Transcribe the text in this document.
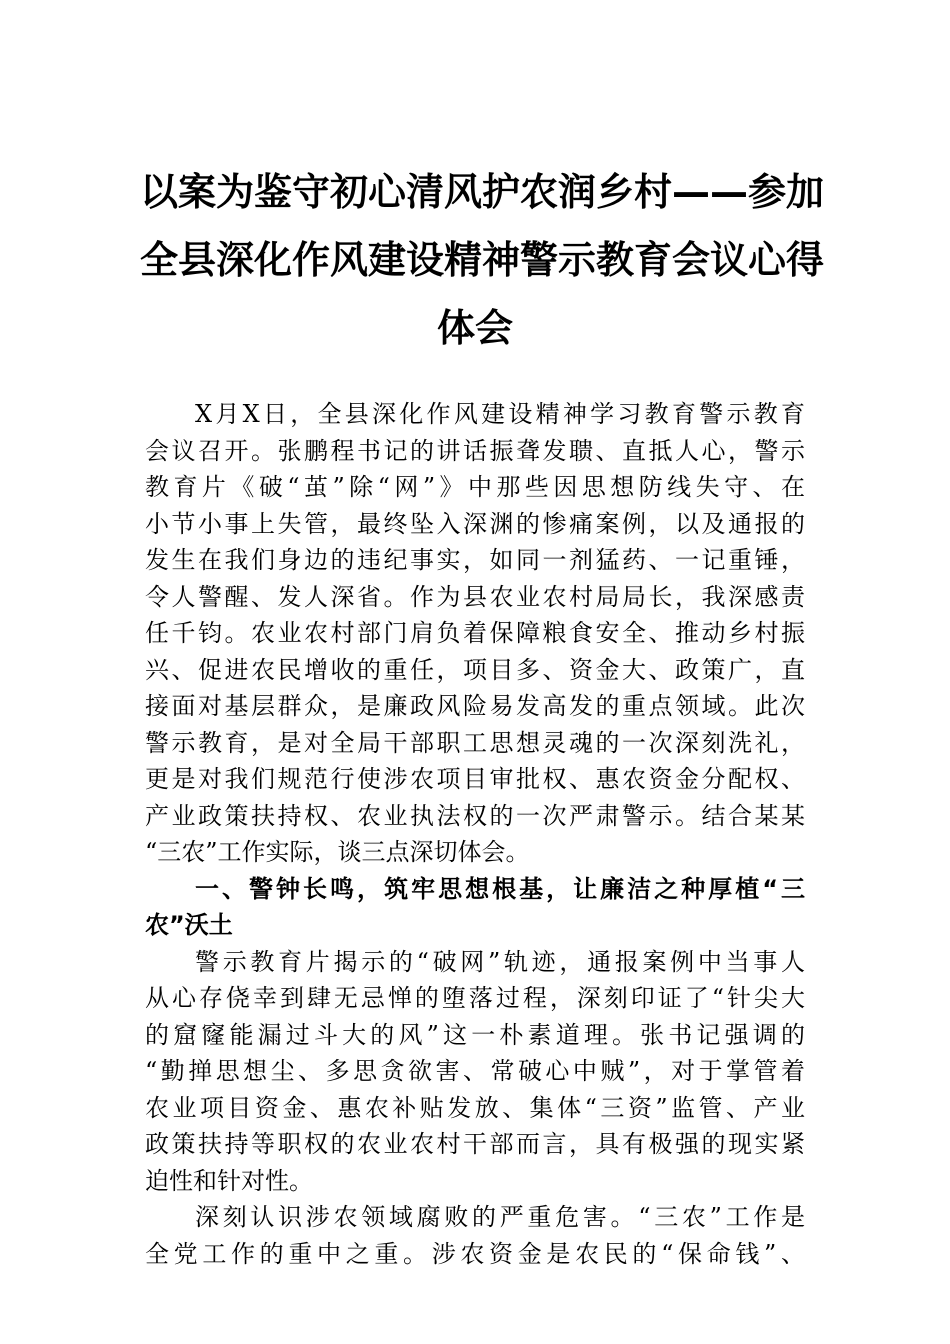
以案为鉴守初心清风护农润乡村——参加
全县深化作风建设精神警示教育会议心得
体会
X月X日，全县深化作风建设精神学习教育警示教育
会议召开。张鹏程书记的讲话振聋发聩、直抵人心，警示
教育片《破“茧”除“网”》中那些因思想防线失守、在
小节小事上失管，最终坠入深渊的惨痛案例，以及通报的
发生在我们身边的违纪事实，如同一剂猛药、一记重锤，
令人警醒、发人深省。作为县农业农村局局长，我深感责
任千钧。农业农村部门肩负着保障粮食安全、推动乡村振
兴、促进农民增收的重任，项目多、资金大、政策广，直
接面对基层群众，是廉政风险易发高发的重点领域。此次
警示教育，是对全局干部职工思想灵魂的一次深刻洗礼，
更是对我们规范行使涉农项目审批权、惠农资金分配权、
产业政策扶持权、农业执法权的一次严肃警示。结合某某
“三农”工作实际，谈三点深切体会。
一、警钟长鸣，筑牢思想根基，让廉洁之种厚植“三
农”沃土
警示教育片揭示的“破网”轨迹，通报案例中当事人
从心存侥幸到肆无忌惮的堕落过程，深刻印证了“针尖大
的窟窿能漏过斗大的风”这一朴素道理。张书记强调的
“勤掸思想尘、多思贪欲害、常破心中贼”，对于掌管着
农业项目资金、惠农补贴发放、集体“三资”监管、产业
政策扶持等职权的农业农村干部而言，具有极强的现实紧
迫性和针对性。
深刻认识涉农领域腐败的严重危害。“三农”工作是
全党工作的重中之重。涉农资金是农民的“保命钱”、
